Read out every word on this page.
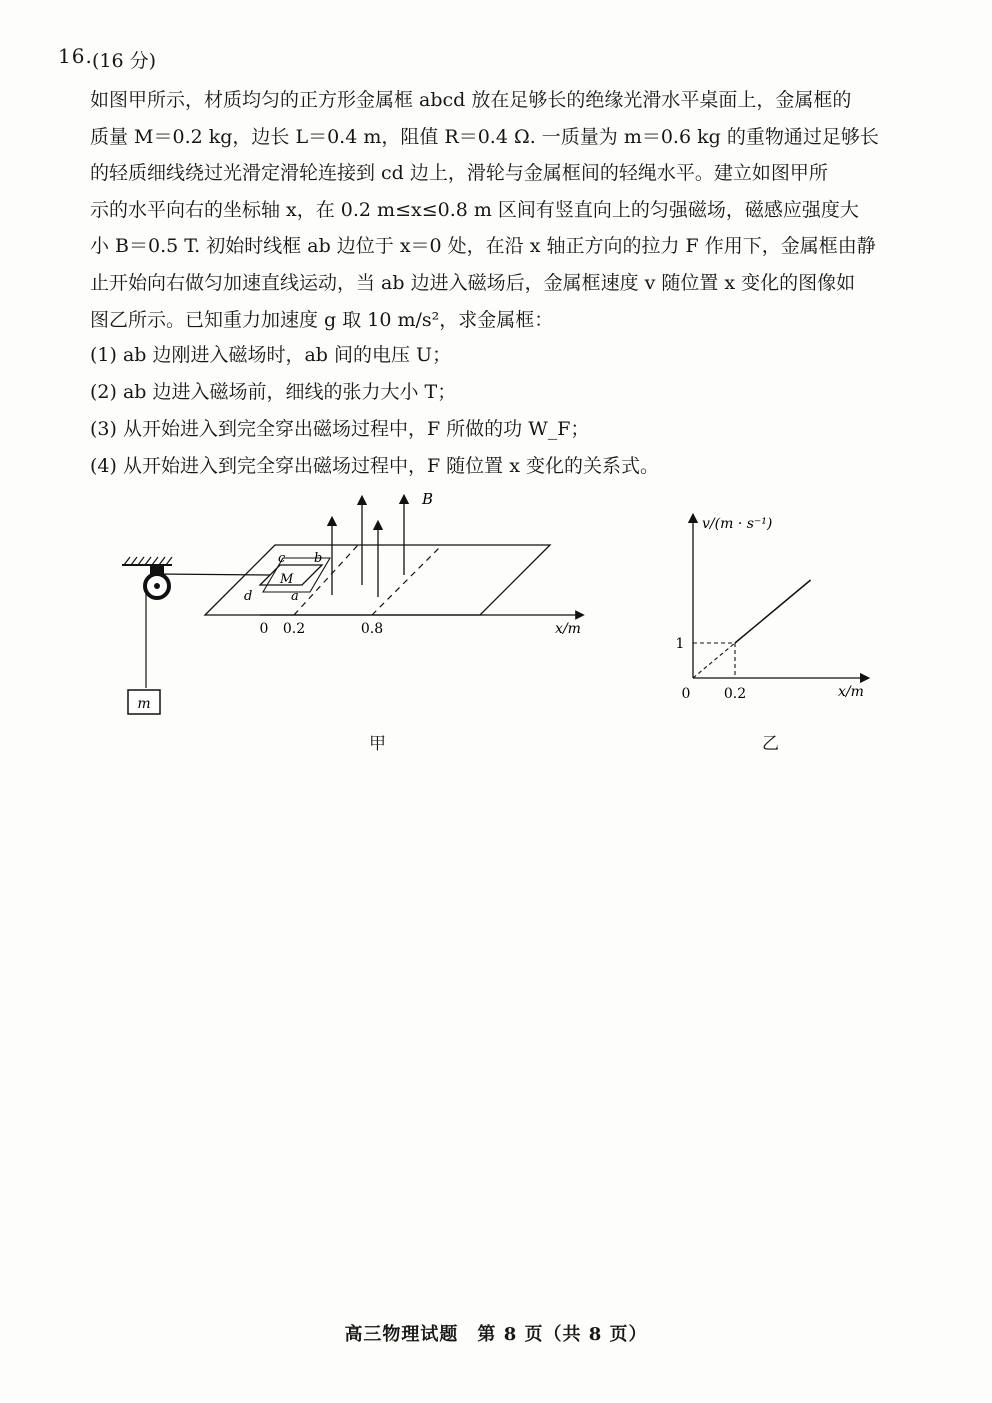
16. (16 分)

如图甲所示，材质均匀的正方形金属框 abcd 放在足够长的绝缘光滑水平桌面上，金属框的
质量 M＝0.2 kg，边长 L＝0.4 m，阻值 R＝0.4 Ω. 一质量为 m＝0.6 kg 的重物通过足够长
的轻质细线绕过光滑定滑轮连接到 cd 边上，滑轮与金属框间的轻绳水平。建立如图甲所
示的水平向右的坐标轴 x，在 0.2 m≤x≤0.8 m 区间有竖直向上的匀强磁场，磁感应强度大
小 B＝0.5 T. 初始时线框 ab 边位于 x＝0 处，在沿 x 轴正方向的拉力 F 作用下，金属框由静
止开始向右做匀加速直线运动，当 ab 边进入磁场后，金属框速度 v 随位置 x 变化的图像如
图乙所示。已知重力加速度 g 取 10 m/s²，求金属框：

(1) ab 边刚进入磁场时，ab 间的电压 U；
(2) ab 边进入磁场前，细线的张力大小 T；
(3) 从开始进入到完全穿出磁场过程中，F 所做的功 W_F；
(4) 从开始进入到完全穿出磁场过程中，F 随位置 x 变化的关系式。
m
c b
d	a
M
B
0 0.2	0.8	x/m
甲
v/(m · s⁻¹)
x/m
0
1
0.2
乙
高三物理试题　第 8 页（共 8 页）
